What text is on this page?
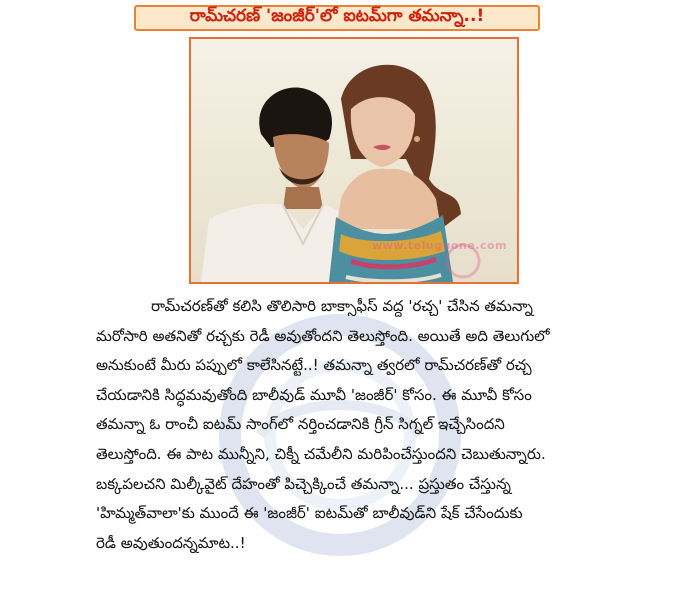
రామ్‌చరణ్ 'జంజీర్'లో ఐటమ్‌గా తమన్నా..!
www.teluguone.com
రామ్‌చరణ్‌తో కలిసి తొలిసారి బాక్సాఫీస్ వద్ద 'రచ్చ' చేసిన తమన్నా
మరోసారి అతనితో రచ్చకు రెడీ అవుతోందని తెలుస్తోంది. అయితే అది తెలుగులో
అనుకుంటే మీరు పప్పులో కాలేసినట్టే..! తమన్నా త్వరలో రామ్‌చరణ్‌తో రచ్చ
చేయడానికి సిద్ధమవుతోంది బాలీవుడ్ మూవీ 'జంజీర్' కోసం. ఈ మూవీ కోసం
తమన్నా ఓ రాంచీ ఐటమ్ సాంగ్‌లో నర్తించడానికి గ్రీన్ సిగ్నల్ ఇచ్చేసిందని
తెలుస్తోంది. ఈ పాట మున్నీని, చిక్నీ చమేలీని మరిపించేస్తుందని చెబుతున్నారు.
బక్కపలచని మిల్కీవైట్ దేహంతో పిచ్చెక్కించే తమన్నా... ప్రస్తుతం చేస్తున్న
'హిమ్మత్‌వాలా'కు ముందే ఈ 'జంజీర్' ఐటమ్‌తో బాలీవుడ్‌ని షేక్ చేసేందుకు
రెడీ అవుతుందన్నమాట..!
